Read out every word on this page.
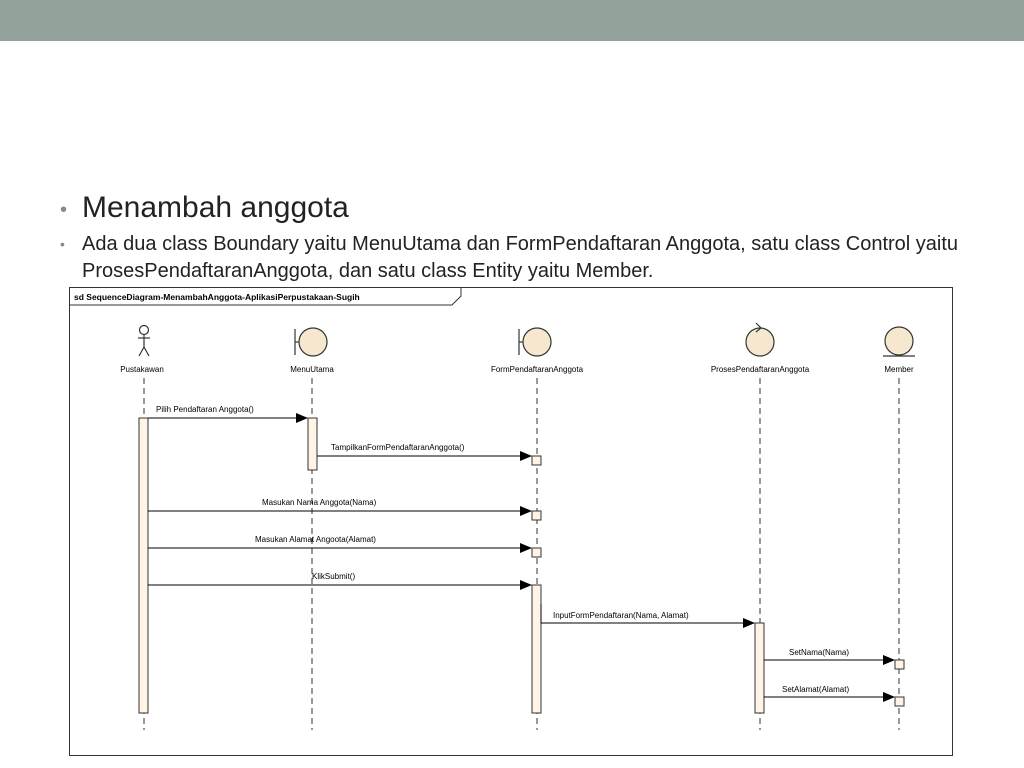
• Menambah anggota
• Ada dua class Boundary yaitu MenuUtama dan FormPendaftaran Anggota, satu class Control yaitu ProsesPendaftaranAnggota, dan satu class Entity yaitu Member.
sd SequenceDiagram-MenambahAnggota-AplikasiPerpustakaan-Sugih
Pustakawan	MenuUtama	FormPendaftaranAnggota	ProsesPendaftaranAnggota	Member
Pilih Pendaftaran Anggota()
TampilkanFormPendaftaranAnggota()
Masukan Nama Anggota(Nama)
Masukan Alamat Angoota(Alamat)
KlikSubmit()
InputFormPendaftaran(Nama, Alamat)
SetNama(Nama)
SetAlamat(Alamat)
